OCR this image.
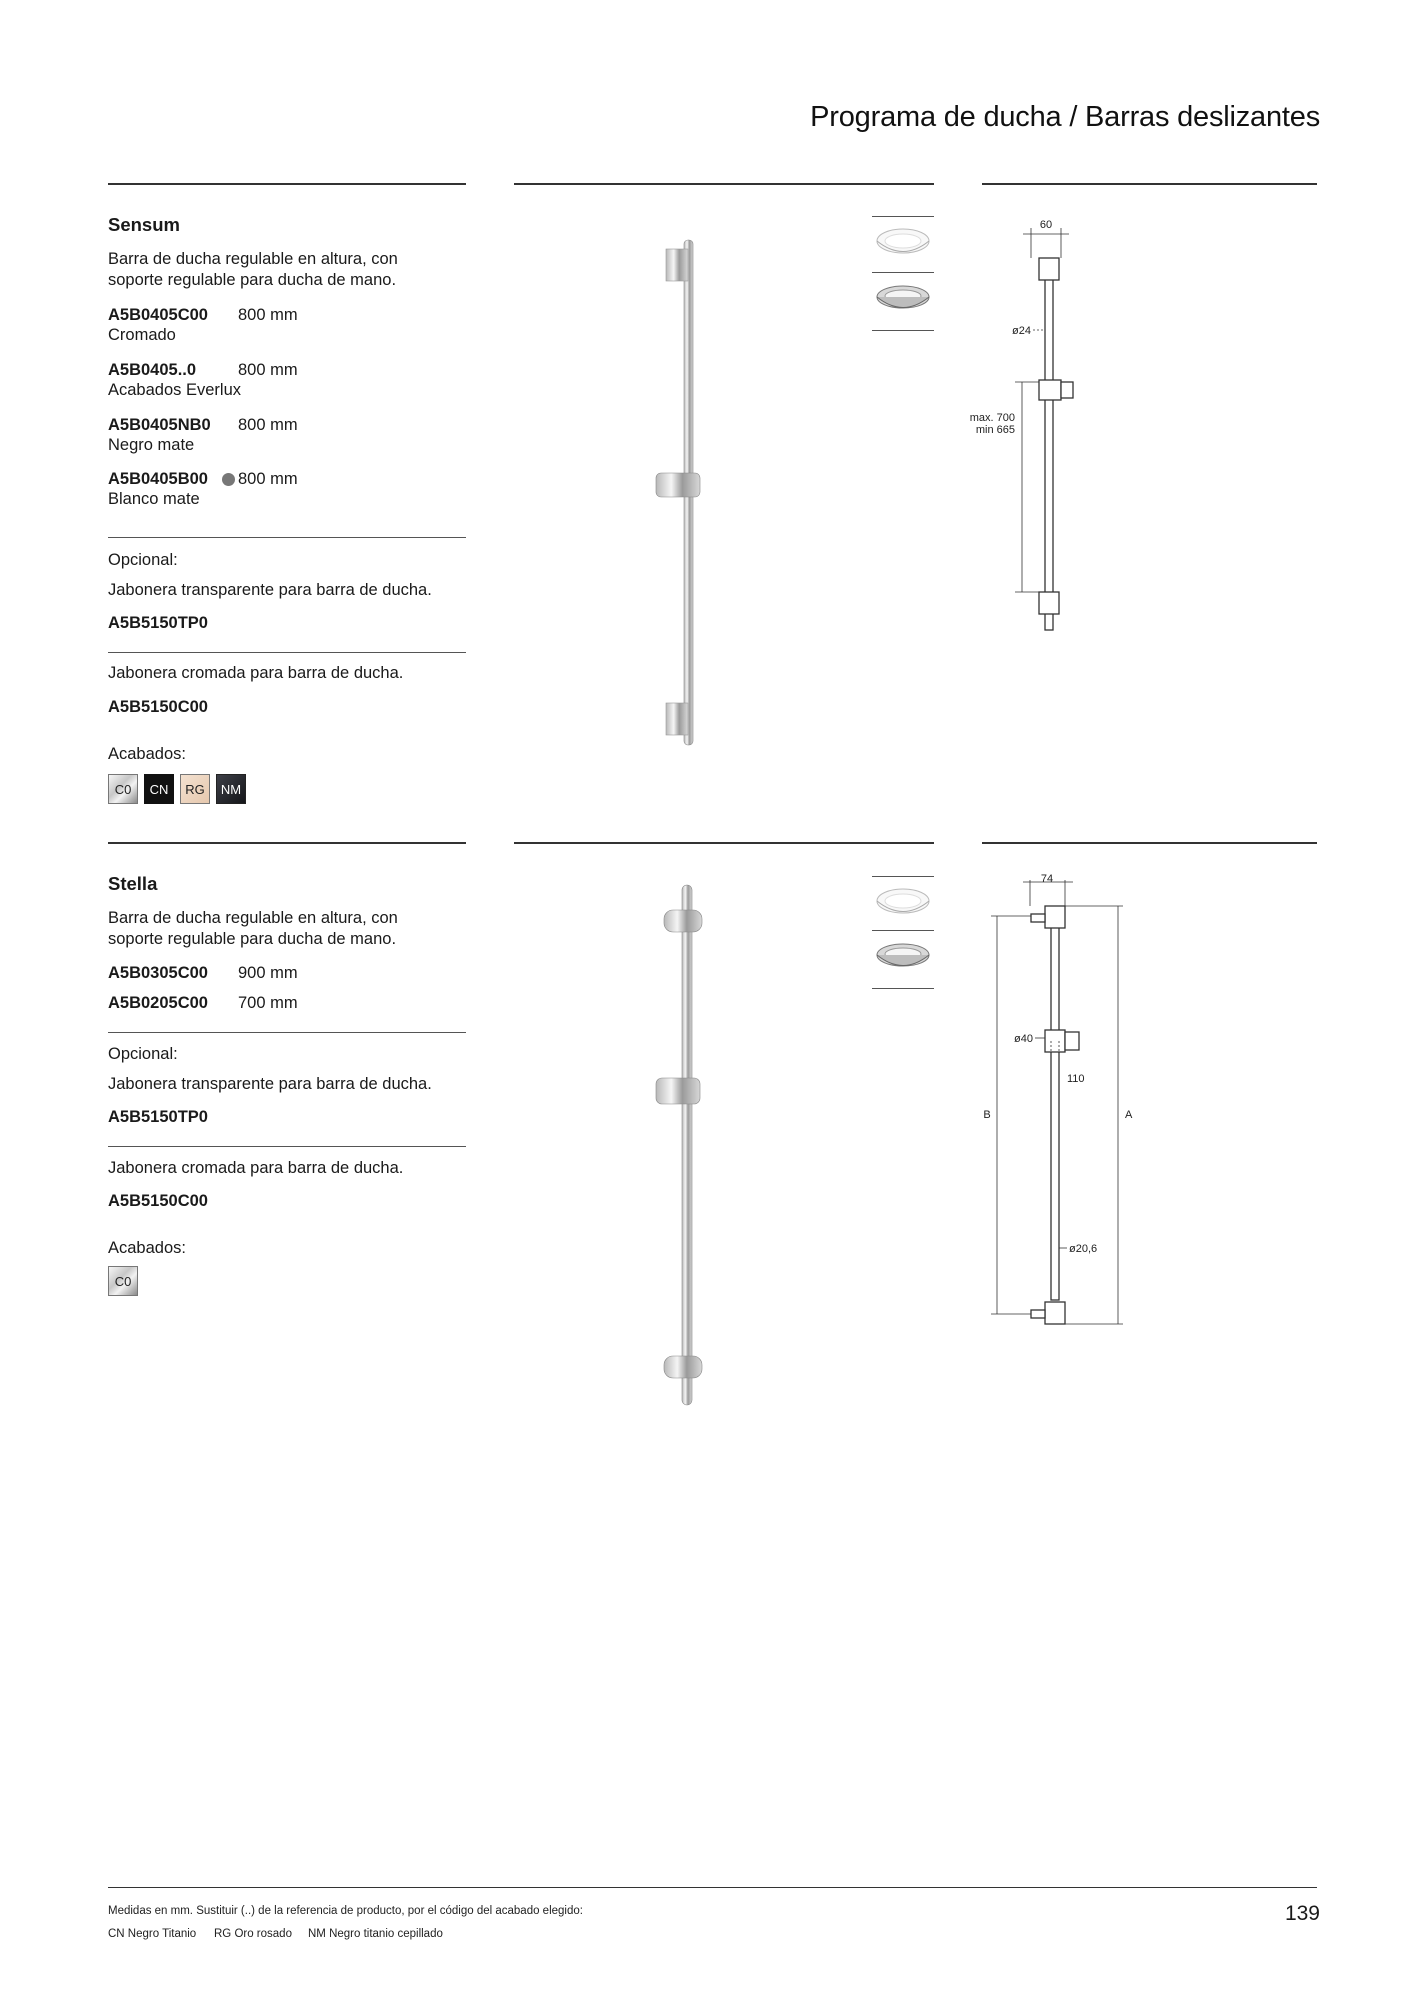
Programa de ducha / Barras deslizantes
Sensum
Barra de ducha regulable en altura, con soporte regulable para ducha de mano.
A5B0405C00 800 mm
Cromado
A5B0405..0	800 mm
Acabados Everlux
A5B0405NB0 800 mm
Negro mate
A5B0405B00 800 mm
Blanco mate
Opcional:
Jabonera transparente para barra de ducha.
A5B5150TP0
Jabonera cromada para barra de ducha.
A5B5150C00
Acabados:
C0	CN	RG	NM
60
ø24
max. 700
min 665
Stella
Barra de ducha regulable en altura, con soporte regulable para ducha de mano.
A5B0305C00 900 mm
A5B0205C00 700 mm
Opcional:
Jabonera transparente para barra de ducha.
A5B5150TP0
Jabonera cromada para barra de ducha.
A5B5150C00
Acabados:
C0
74
ø40
110
B	A
ø20,6
Medidas en mm. Sustituir (..) de la referencia de producto, por el código del acabado elegido:
CN Negro Titanio RG Oro rosado NM Negro titanio cepillado
139
